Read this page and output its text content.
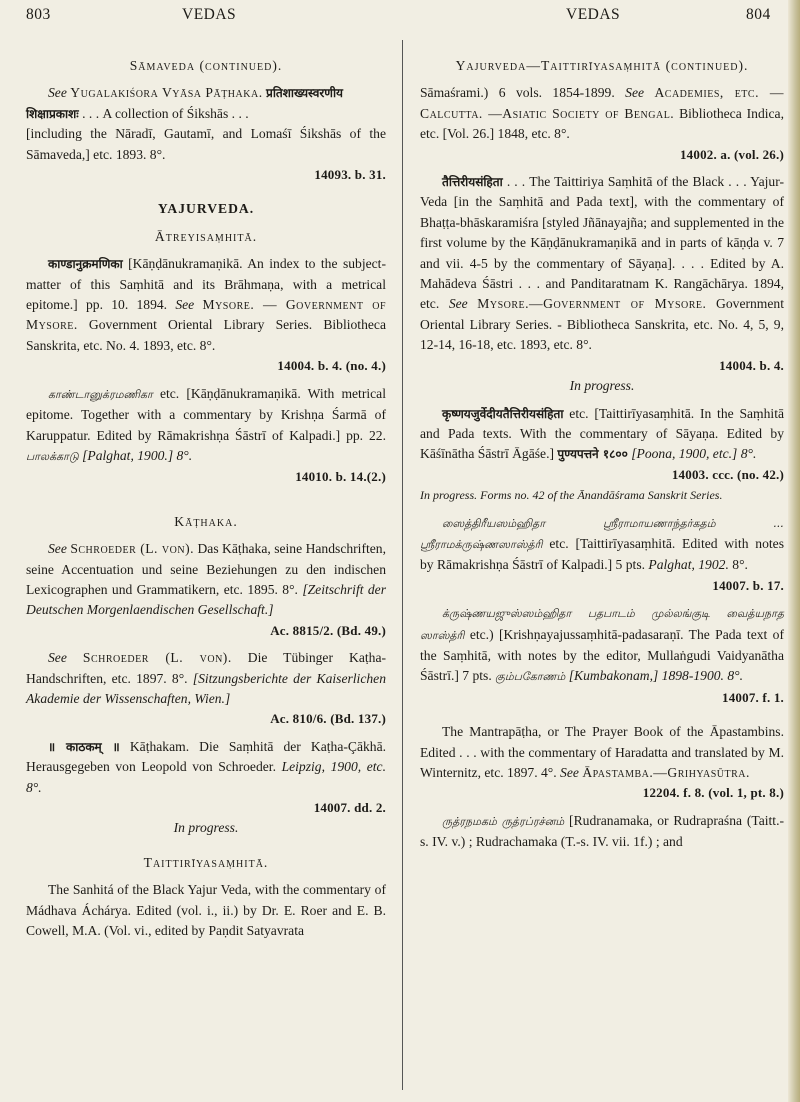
803	VEDAS	VEDAS	804

Sāmaveda (continued).

See Yugalakiśora Vyāsa Pāṭhaka. प्रतिशाख्यस्वरणीय

शिक्षाप्रकाशः . . . A collection of Śikshās . . .

[including the Nāradī, Gautamī, and Lomaśī Śikshās of the Sāmaveda,] etc. 1893. 8°.

14093. b. 31.

YAJURVEDA.

Ātreyisaṃhitā.

काण्डानुक्रमणिका [Kāṇḍānukramaṇikā. An index to the subject-matter of this Saṃhitā and its Brāhmaṇa, with a metrical epitome.] pp. 10. 1894. See Mysore. — Government of Mysore. Government Oriental Library Series. Bibliotheca Sanskrita, etc. No. 4. 1893, etc. 8°.

14004. b. 4. (no. 4.)

காண்டானுக்ரமணிகா etc. [Kāṇḍānukramaṇikā. With metrical epitome. Together with a commentary by Krishṇa Śarmā of Karuppatur. Edited by Rāmakrishṇa Śāstrī of Kalpadi.] pp. 22. பாலக்காடு [Palghat, 1900.] 8°.

14010. b. 14.(2.)

Kāṭhaka.

See Schroeder (L. von). Das Kāṭhaka, seine Handschriften, seine Accentuation und seine Beziehungen zu den indischen Lexicographen und Grammatikern, etc. 1895. 8°. [Zeitschrift der Deutschen Morgenlaendischen Gesellschaft.]

Ac. 8815/2. (Bd. 49.)

See Schroeder (L. von). Die Tübinger Kaṭha-Handschriften, etc. 1897. 8°. [Sitzungsberichte der Kaiserlichen Akademie der Wissenschaften, Wien.]

Ac. 810/6. (Bd. 137.)

॥ काठकम् ॥ Kāṭhakam. Die Saṃhitā der Kaṭha-Çākhā. Herausgegeben von Leopold von Schroeder. Leipzig, 1900, etc. 8°.

14007. dd. 2.

In progress.

Taittirīyasaṃhitā.

The Sanhitá of the Black Yajur Veda, with the commentary of Mádhava Áchárya. Edited (vol. i., ii.) by Dr. E. Roer and E. B. Cowell, M.A. (Vol. vi., edited by Paṇdit Satyavrata

Yajurveda—Taittirīyasaṃhitā (continued).

Sāmaśrami.) 6 vols. 1854-1899. See Academies, etc. — Calcutta. —Asiatic Society of Bengal. Bibliotheca Indica, etc. [Vol. 26.] 1848, etc. 8°.

14002. a. (vol. 26.)

तैत्तिरीयसंहिता . . . The Taittiriya Saṃhitā of the Black . . . Yajur-Veda [in the Saṃhitā and Pada text], with the commentary of Bhaṭṭa-bhāskaramiśra [styled Jñānayajña; and supplemented in the first volume by the Kāṇḍānukramaṇikā and in parts of kāṇḍa v. 7 and vii. 4-5 by the commentary of Sāyaṇa]. . . . Edited by A. Mahādeva Śāstri . . . and Panditaratnam K. Rangāchārya. 1894, etc. See Mysore.—Government of Mysore. Government Oriental Library Series. - Bibliotheca Sanskrita, etc. No. 4, 5, 9, 12-14, 16-18, etc. 1893, etc. 8°.

14004. b. 4.

In progress.

कृष्णयजुर्वेदीयतैत्तिरीयसंहिता etc. [Taittirīyasaṃhitā. In the Saṃhitā and Pada texts. With the commentary of Sāyaṇa. Edited by Kāśīnātha Śāstrī Āgāśe.] पुण्यपत्तने १८०० [Poona, 1900, etc.] 8°.

14003. ccc. (no. 42.)

In progress. Forms no. 42 of the Ānandāśrama Sanskrit Series.

ஸைத்திரீயஸம்ஹிதா ஸ்ரீராமாயணாந்தர்கதம் ... ஸ்ரீராமக்ருஷ்ணஸாஸ்த்ரி etc. [Taittirīyasaṃhitā. Edited with notes by Rāmakrishṇa Śāstrī of Kalpadi.] 5 pts. Palghat, 1902. 8°.

14007. b. 17.

க்ருஷ்ணயஜுஸ்ஸம்ஹிதா பதபாடம் முல்லங்குடி வைத்யநாத ஸாஸ்த்ரி etc.) [Krishṇayajussaṃhitā-padasaraṇī. The Pada text of the Saṃhitā, with notes by the editor, Mullaṅgudi Vaidyanātha Śāstrī.] 7 pts. கும்பகோணம் [Kumbakonam,] 1898-1900. 8°.

14007. f. 1.

The Mantrapāṭha, or The Prayer Book of the Āpastambins. Edited . . . with the commentary of Haradatta and translated by M. Winternitz, etc. 1897. 4°. See Āpastamba.—Grihyasūtra.

12204. f. 8. (vol. 1, pt. 8.)

ருத்ரநமகம் ருத்ரப்ரச்னம் [Rudranamaka, or Rudrapraśna (Taitt.-s. IV. v.) ; Rudrachamaka (T.-s. IV. vii. 1f.) ; and
